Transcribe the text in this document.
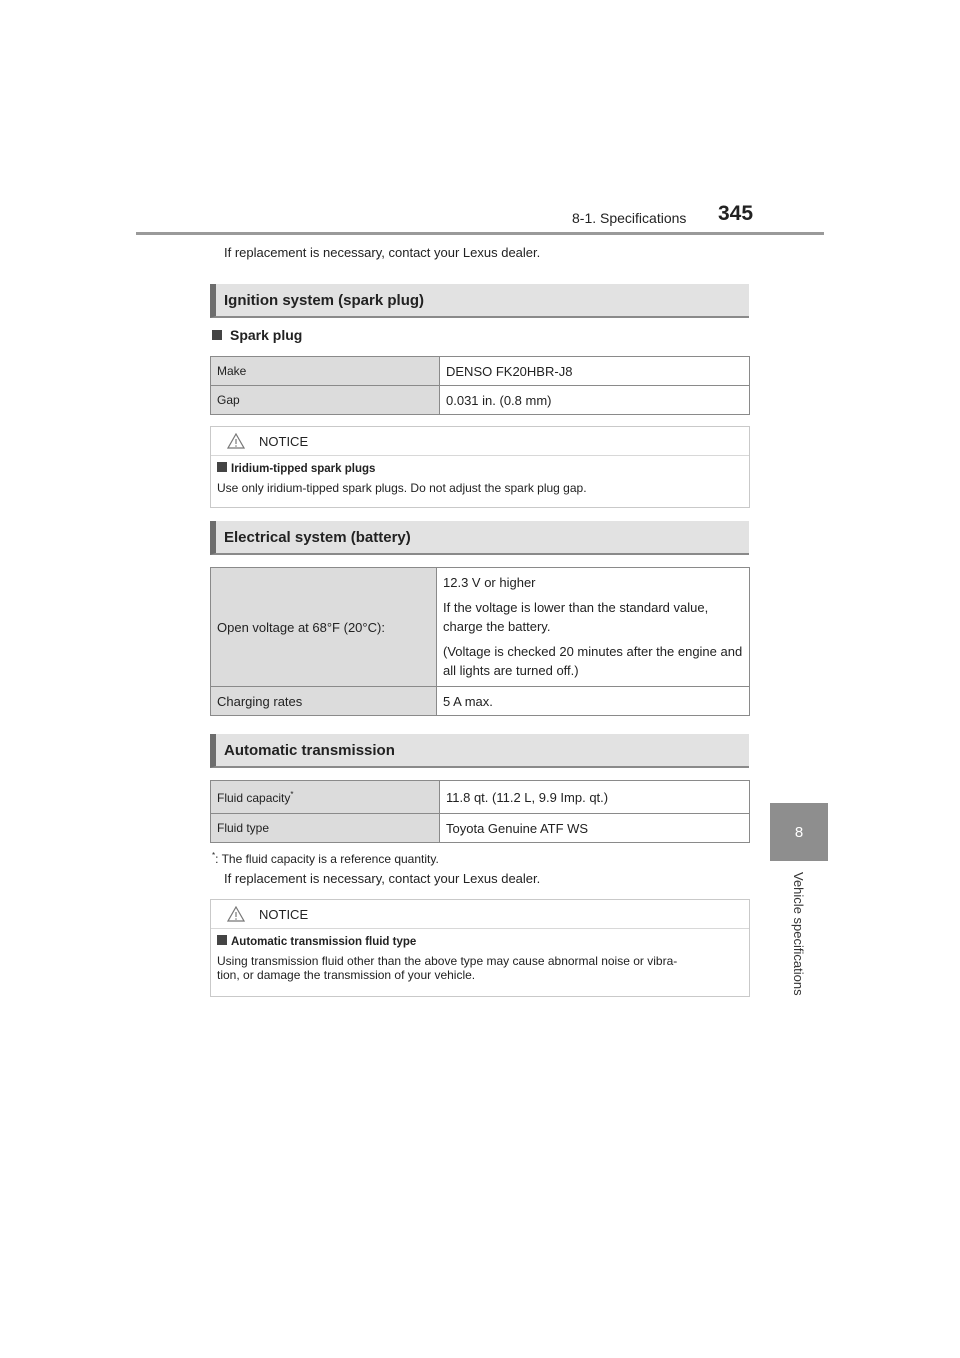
8-1. Specifications 345
8
Vehicle specifications
If replacement is necessary, contact your Lexus dealer.
Ignition system (spark plug)
Spark plug
Make	DENSO FK20HBR-J8
Gap	0.031 in. (0.8 mm)
NOTICE
Iridium-tipped spark plugs
Use only iridium-tipped spark plugs. Do not adjust the spark plug gap.
Electrical system (battery)
Open voltage at 68°F (20°C):	12.3 V or higher

If the voltage is lower than the standard value, charge the battery.

(Voltage is checked 20 minutes after the engine and all lights are turned off.)

Charging rates	5 A max.
Automatic transmission
Fluid capacity*	11.8 qt. (11.2 L, 9.9 Imp. qt.)
Fluid type	Toyota Genuine ATF WS
*: The fluid capacity is a reference quantity.
If replacement is necessary, contact your Lexus dealer.
NOTICE
Automatic transmission fluid type
Using transmission fluid other than the above type may cause abnormal noise or vibra-
tion, or damage the transmission of your vehicle.
